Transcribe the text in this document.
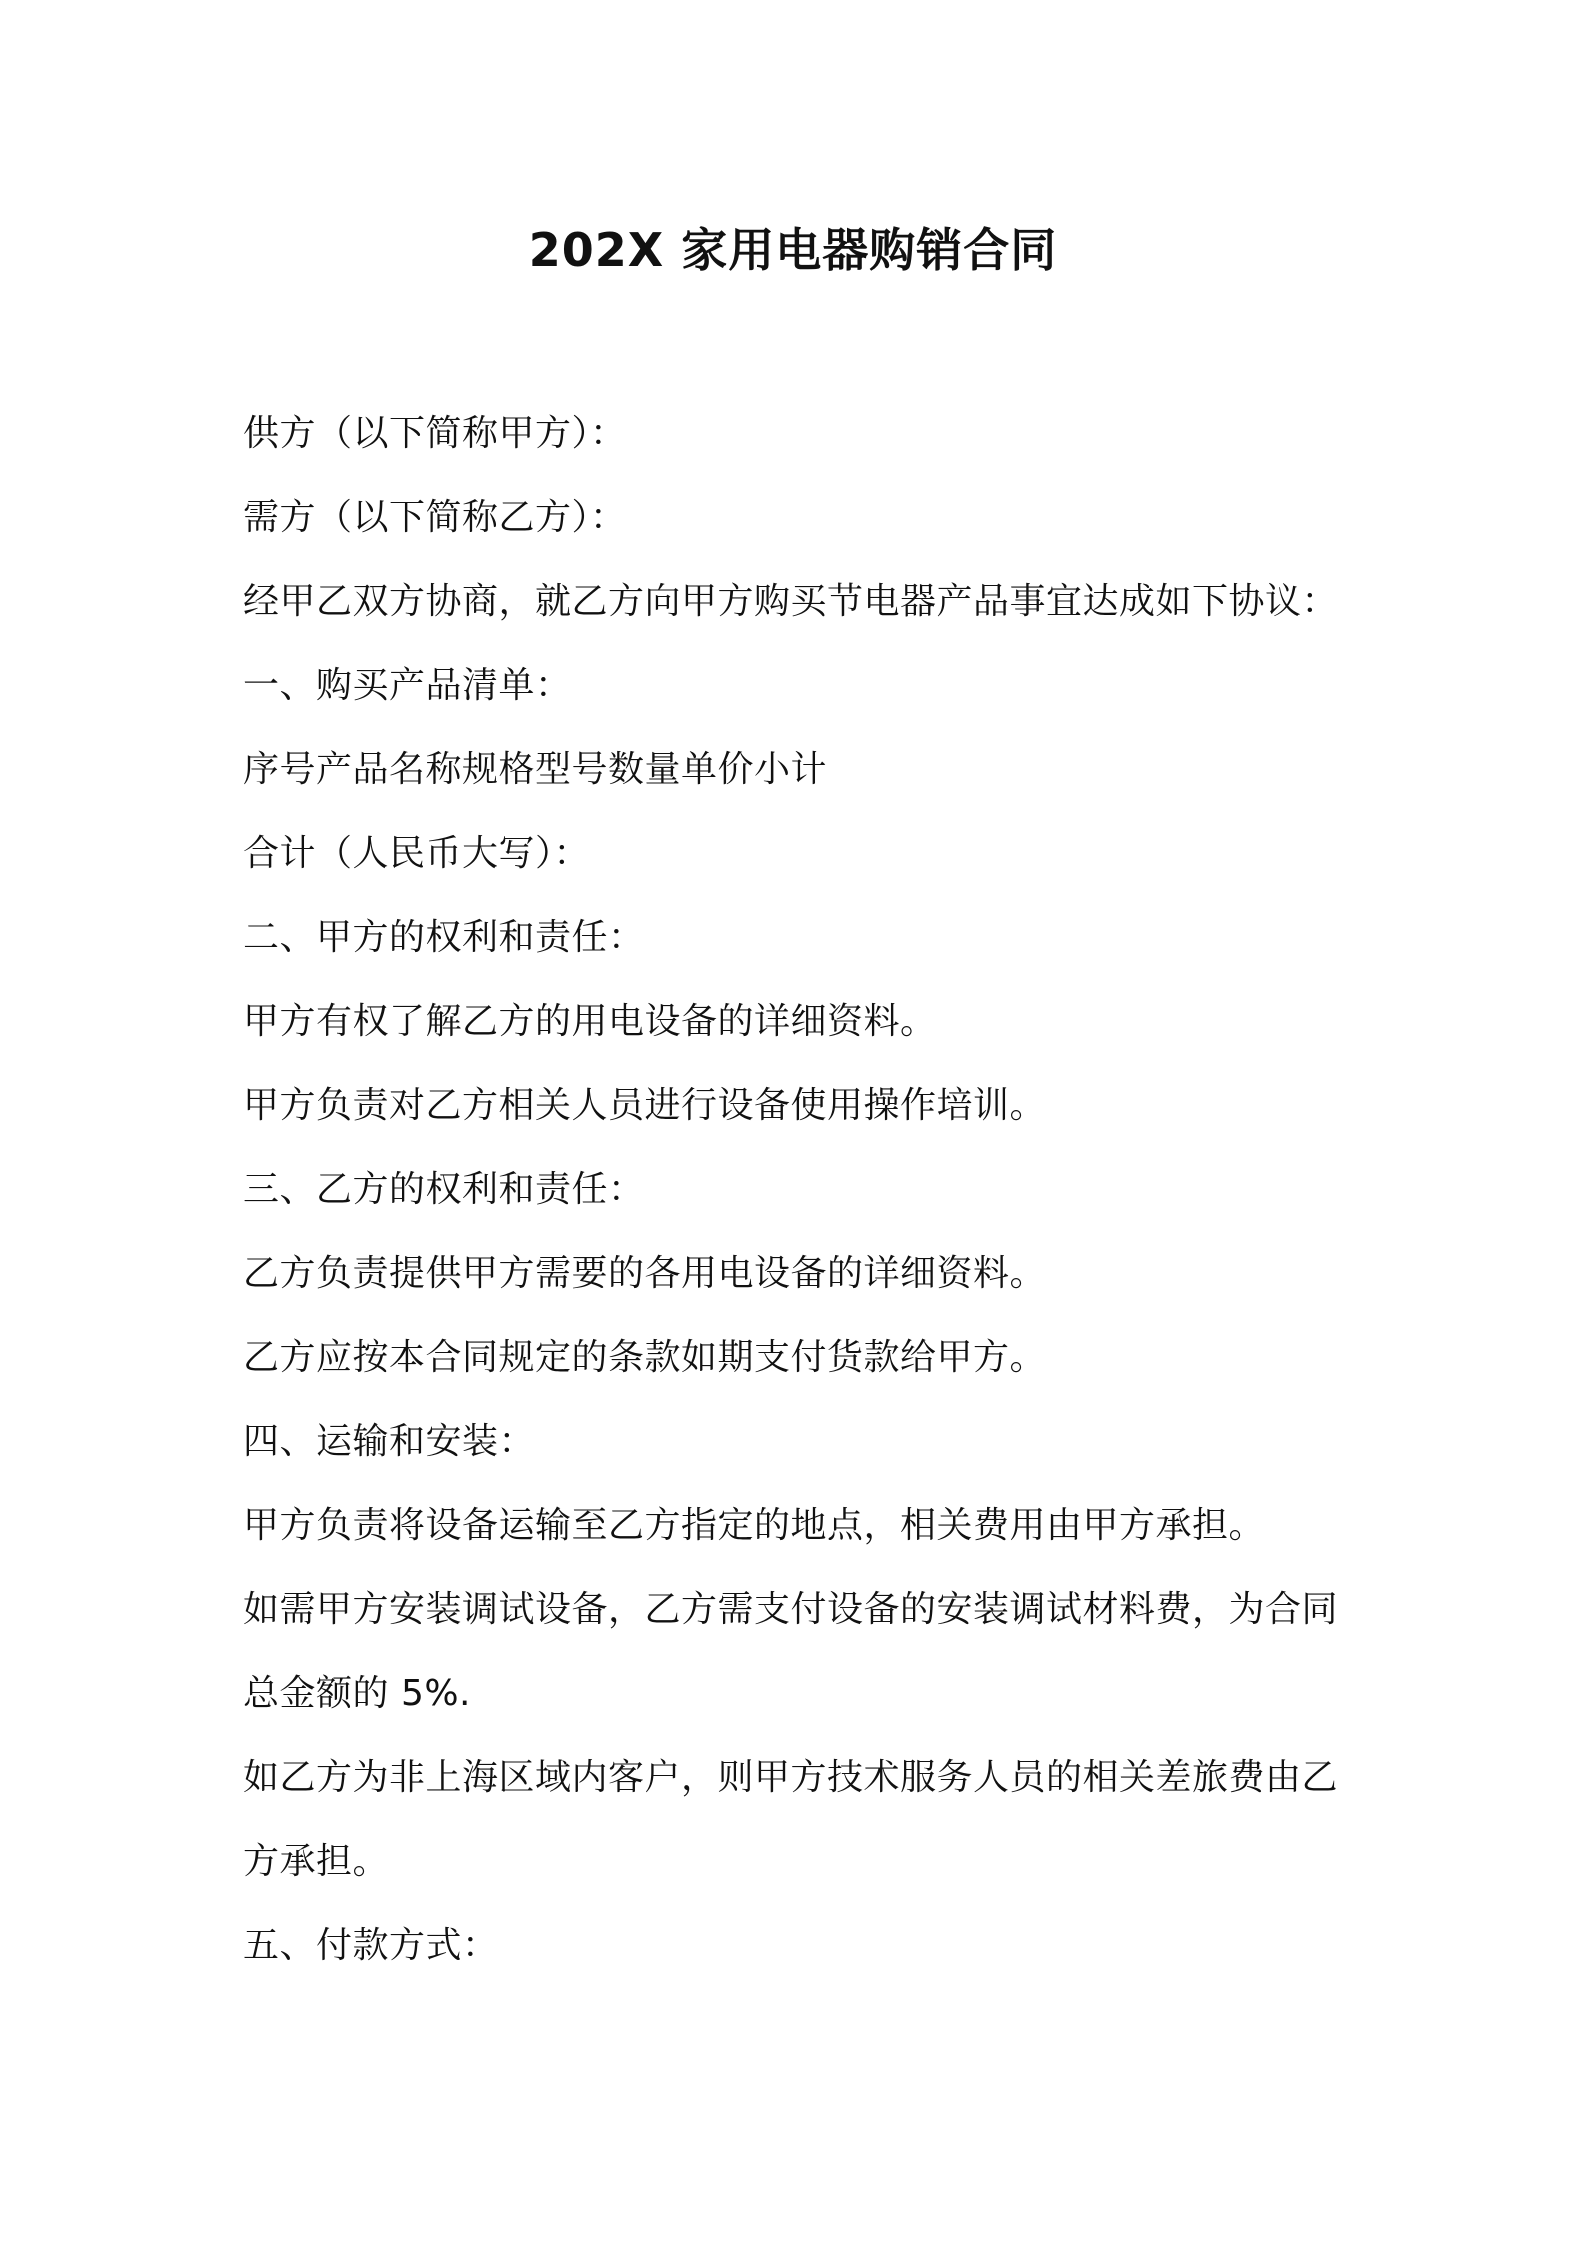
202X 家用电器购销合同

供方（以下简称甲方）：

需方（以下简称乙方）：

经甲乙双方协商，就乙方向甲方购买节电器产品事宜达成如下协议：

一、购买产品清单：

序号产品名称规格型号数量单价小计

合计（人民币大写）：

二、甲方的权利和责任：

甲方有权了解乙方的用电设备的详细资料。

甲方负责对乙方相关人员进行设备使用操作培训。

三、乙方的权利和责任：

乙方负责提供甲方需要的各用电设备的详细资料。

乙方应按本合同规定的条款如期支付货款给甲方。

四、运输和安装：

甲方负责将设备运输至乙方指定的地点，相关费用由甲方承担。

如需甲方安装调试设备，乙方需支付设备的安装调试材料费，为合同

总金额的 5%.

如乙方为非上海区域内客户，则甲方技术服务人员的相关差旅费由乙

方承担。

五、付款方式：
